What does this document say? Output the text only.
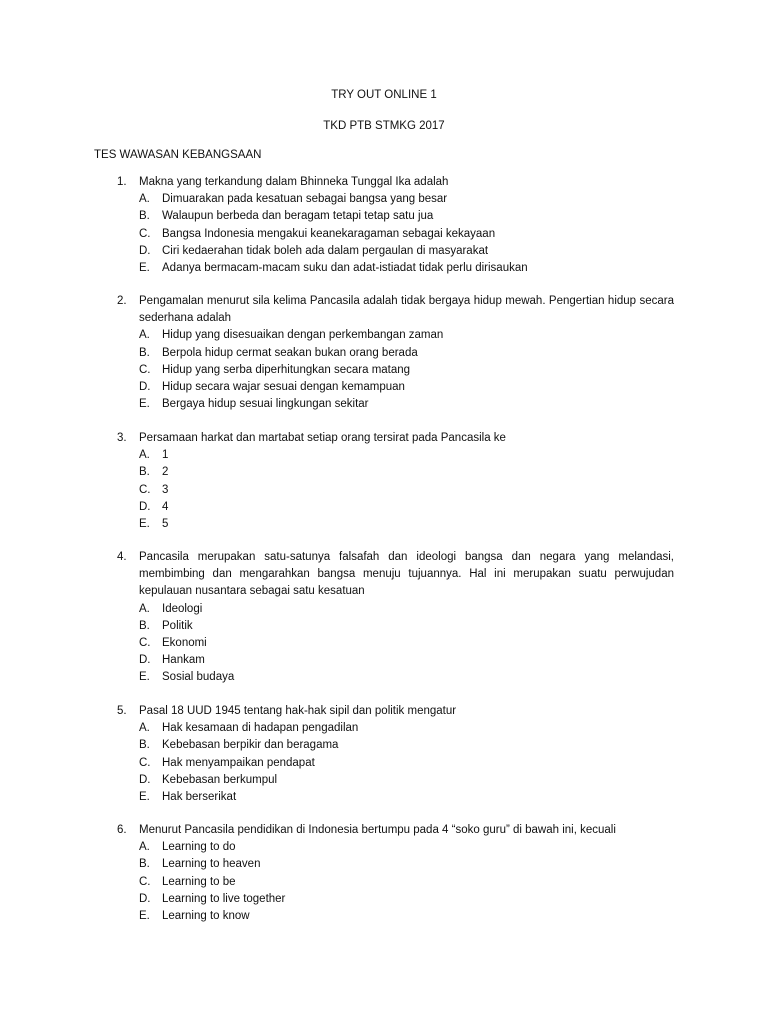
TRY OUT ONLINE 1
TKD PTB STMKG 2017
TES WAWASAN KEBANGSAAN
1.	Makna yang terkandung dalam Bhinneka Tunggal Ika adalah
A.	Dimuarakan pada kesatuan sebagai bangsa yang besar
B.	Walaupun berbeda dan beragam tetapi tetap satu jua
C.	Bangsa Indonesia mengakui keanekaragaman sebagai kekayaan
D.	Ciri kedaerahan tidak boleh ada dalam pergaulan di masyarakat
E.	Adanya bermacam-macam suku dan adat-istiadat tidak perlu dirisaukan
2.	Pengamalan menurut sila kelima Pancasila adalah tidak bergaya hidup mewah. Pengertian hidup secara sederhana adalah
A.	Hidup yang disesuaikan dengan perkembangan zaman
B.	Berpola hidup cermat seakan bukan orang berada
C.	Hidup yang serba diperhitungkan secara matang
D.	Hidup secara wajar sesuai dengan kemampuan
E.	Bergaya hidup sesuai lingkungan sekitar
3.	Persamaan harkat dan martabat setiap orang tersirat pada Pancasila ke
A.	1
B.	2
C.	3
D.	4
E.	5
4.	Pancasila merupakan satu-satunya falsafah dan ideologi bangsa dan negara yang melandasi, membimbing dan mengarahkan bangsa menuju tujuannya. Hal ini merupakan suatu perwujudan kepulauan nusantara sebagai satu kesatuan
A.	Ideologi
B.	Politik
C.	Ekonomi
D.	Hankam
E.	Sosial budaya
5.	Pasal 18 UUD 1945 tentang hak-hak sipil dan politik mengatur
A.	Hak kesamaan di hadapan pengadilan
B.	Kebebasan berpikir dan beragama
C.	Hak menyampaikan pendapat
D.	Kebebasan berkumpul
E.	Hak berserikat
6.	Menurut Pancasila pendidikan di Indonesia bertumpu pada 4 “soko guru” di bawah ini, kecuali
A.	Learning to do
B.	Learning to heaven
C.	Learning to be
D.	Learning to live together
E.	Learning to know
